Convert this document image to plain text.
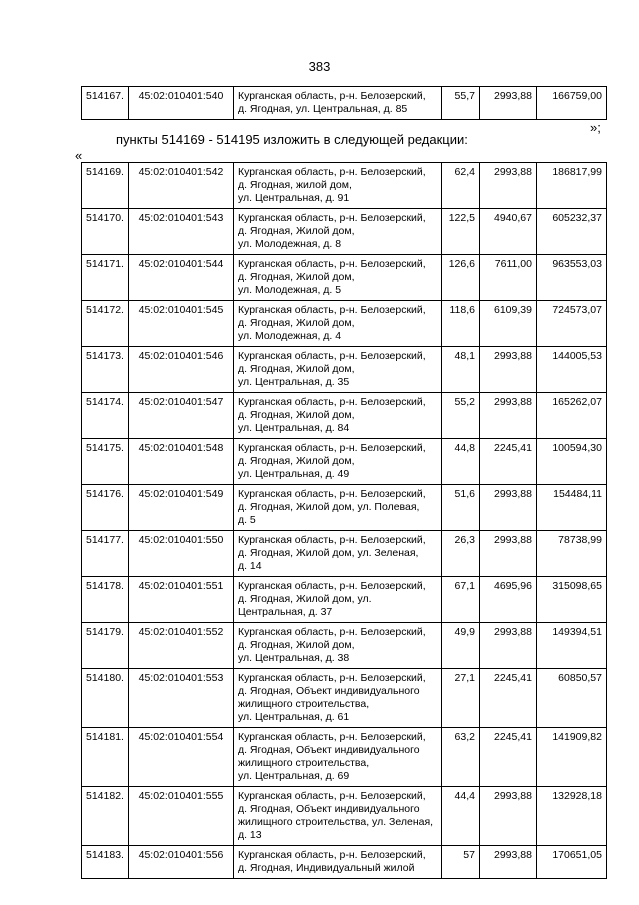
383
514167.	45:02:010401:540	Курганская область, р-н. Белозерский,
д. Ягодная, ул. Центральная, д. 85	55,7	2993,88	166759,00
»;
пункты 514169 - 514195 изложить в следующей редакции:
«
514169.	45:02:010401:542	Курганская область, р-н. Белозерский,
д. Ягодная, жилой дом,
ул. Центральная, д. 91	62,4	2993,88	186817,99
514170.	45:02:010401:543	Курганская область, р-н. Белозерский,
д. Ягодная, Жилой дом,
ул. Молодежная, д. 8	122,5	4940,67	605232,37
514171.	45:02:010401:544	Курганская область, р-н. Белозерский,
д. Ягодная, Жилой дом,
ул. Молодежная, д. 5	126,6	7611,00	963553,03
514172.	45:02:010401:545	Курганская область, р-н. Белозерский,
д. Ягодная, Жилой дом,
ул. Молодежная, д. 4	118,6	6109,39	724573,07
514173.	45:02:010401:546	Курганская область, р-н. Белозерский,
д. Ягодная, Жилой дом,
ул. Центральная, д. 35	48,1	2993,88	144005,53
514174.	45:02:010401:547	Курганская область, р-н. Белозерский,
д. Ягодная, Жилой дом,
ул. Центральная, д. 84	55,2	2993,88	165262,07
514175.	45:02:010401:548	Курганская область, р-н. Белозерский,
д. Ягодная, Жилой дом,
ул. Центральная, д. 49	44,8	2245,41	100594,30
514176.	45:02:010401:549	Курганская область, р-н. Белозерский,
д. Ягодная, Жилой дом, ул. Полевая,
д. 5	51,6	2993,88	154484,11
514177.	45:02:010401:550	Курганская область, р-н. Белозерский,
д. Ягодная, Жилой дом, ул. Зеленая,
д. 14	26,3	2993,88	78738,99
514178.	45:02:010401:551	Курганская область, р-н. Белозерский,
д. Ягодная, Жилой дом, ул.
Центральная, д. 37	67,1	4695,96	315098,65
514179.	45:02:010401:552	Курганская область, р-н. Белозерский,
д. Ягодная, Жилой дом,
ул. Центральная, д. 38	49,9	2993,88	149394,51
514180.	45:02:010401:553	Курганская область, р-н. Белозерский,
д. Ягодная, Объект индивидуального
жилищного строительства,
ул. Центральная, д. 61	27,1	2245,41	60850,57
514181.	45:02:010401:554	Курганская область, р-н. Белозерский,
д. Ягодная, Объект индивидуального
жилищного строительства,
ул. Центральная, д. 69	63,2	2245,41	141909,82
514182.	45:02:010401:555	Курганская область, р-н. Белозерский,
д. Ягодная, Объект индивидуального
жилищного строительства, ул. Зеленая,
д. 13	44,4	2993,88	132928,18
514183.	45:02:010401:556	Курганская область, р-н. Белозерский,
д. Ягодная, Индивидуальный жилой	57	2993,88	170651,05
